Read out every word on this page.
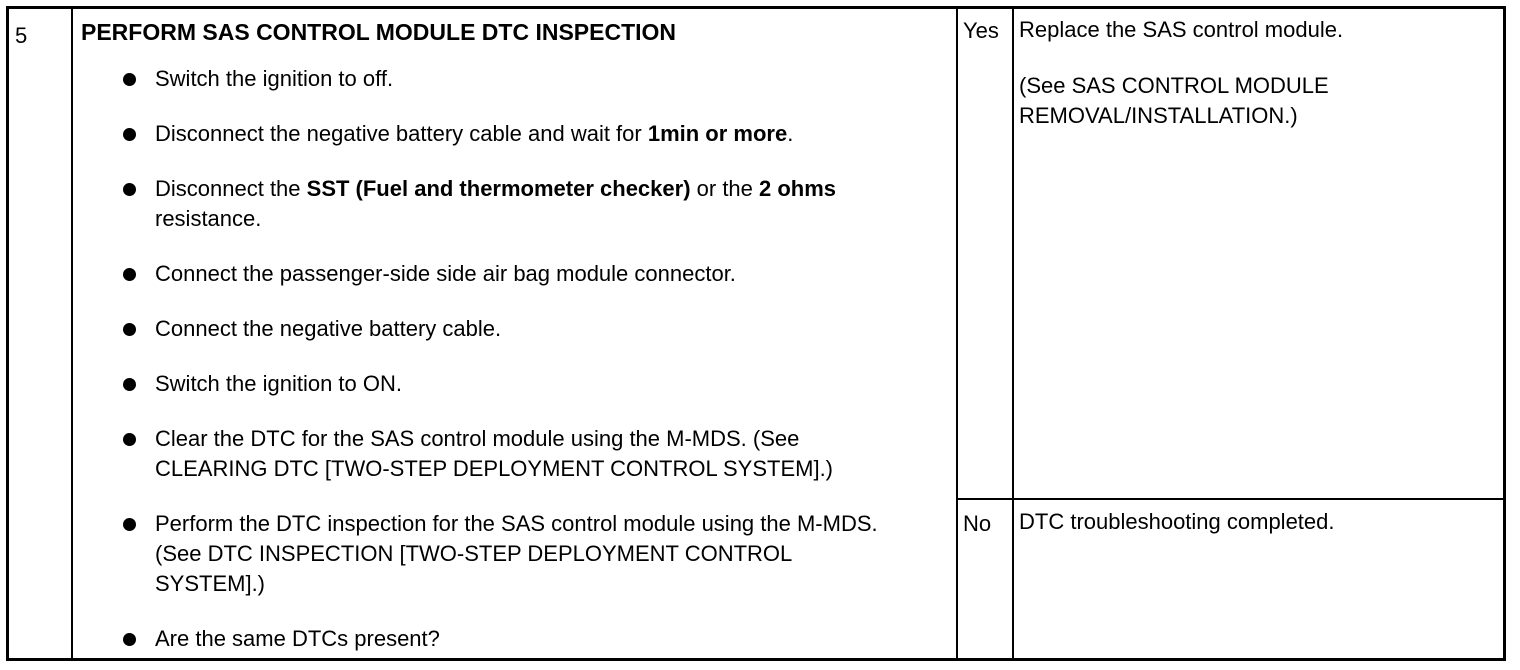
5 PERFORM SAS CONTROL MODULE DTC INSPECTION
Switch the ignition to off.
Disconnect the negative battery cable and wait for 1min or more.
Disconnect the SST (Fuel and thermometer checker) or the 2 ohms resistance.
Connect the passenger-side side air bag module connector.
Connect the negative battery cable.
Switch the ignition to ON.
Clear the DTC for the SAS control module using the M-MDS. (See CLEARING DTC [TWO-STEP DEPLOYMENT CONTROL SYSTEM].)
Perform the DTC inspection for the SAS control module using the M-MDS. (See DTC INSPECTION [TWO-STEP DEPLOYMENT CONTROL SYSTEM].)
Are the same DTCs present?
Yes Replace the SAS control module.
(See SAS CONTROL MODULE REMOVAL/INSTALLATION.)
No DTC troubleshooting completed.
